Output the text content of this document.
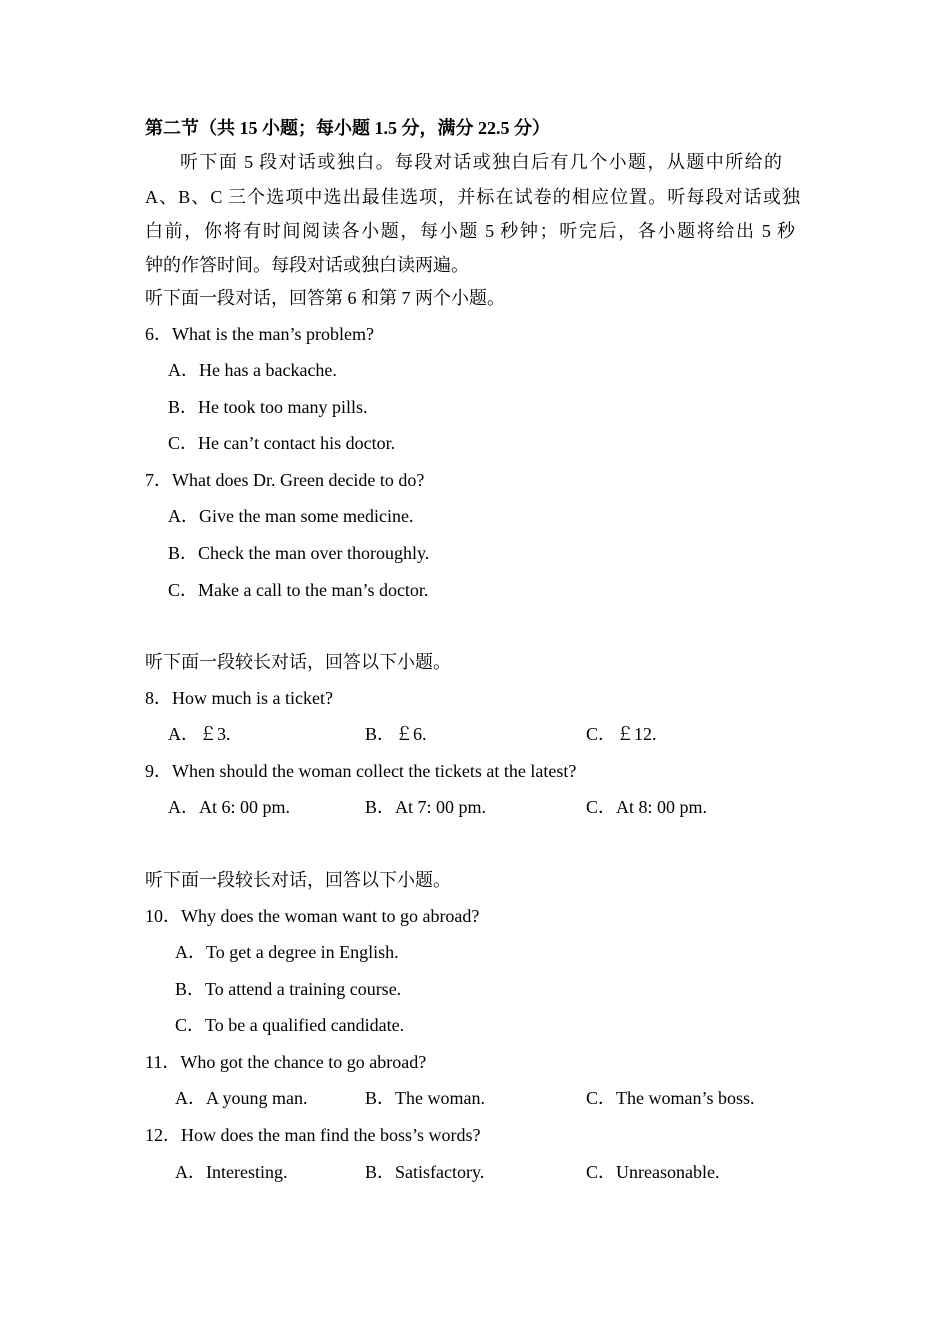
第二节（共 15 小题；每小题 1.5 分，满分 22.5 分）
听下面 5 段对话或独白。每段对话或独白后有几个小题，从题中所给的
A、B、C 三个选项中选出最佳选项，并标在试卷的相应位置。听每段对话或独
白前，你将有时间阅读各小题，每小题 5 秒钟；听完后，各小题将给出 5 秒
钟的作答时间。每段对话或独白读两遍。
听下面一段对话，回答第 6 和第 7 两个小题。
6．What is the man’s problem?
A．He has a backache.
B．He took too many pills.
C．He can’t contact his doctor.
7．What does Dr. Green decide to do?
A．Give the man some medicine.
B．Check the man over thoroughly.
C．Make a call to the man’s doctor.
听下面一段较长对话，回答以下小题。
8．How much is a ticket?
A．￡3.	B．￡6.	C．￡12.
9．When should the woman collect the tickets at the latest?
A．At 6: 00 pm.	B．At 7: 00 pm.	C．At 8: 00 pm.
听下面一段较长对话，回答以下小题。
10．Why does the woman want to go abroad?
A．To get a degree in English.
B．To attend a training course.
C．To be a qualified candidate.
11．Who got the chance to go abroad?
A．A young man.	B．The woman.	C．The woman’s boss.
12．How does the man find the boss’s words?
A．Interesting.	B．Satisfactory.	C．Unreasonable.
